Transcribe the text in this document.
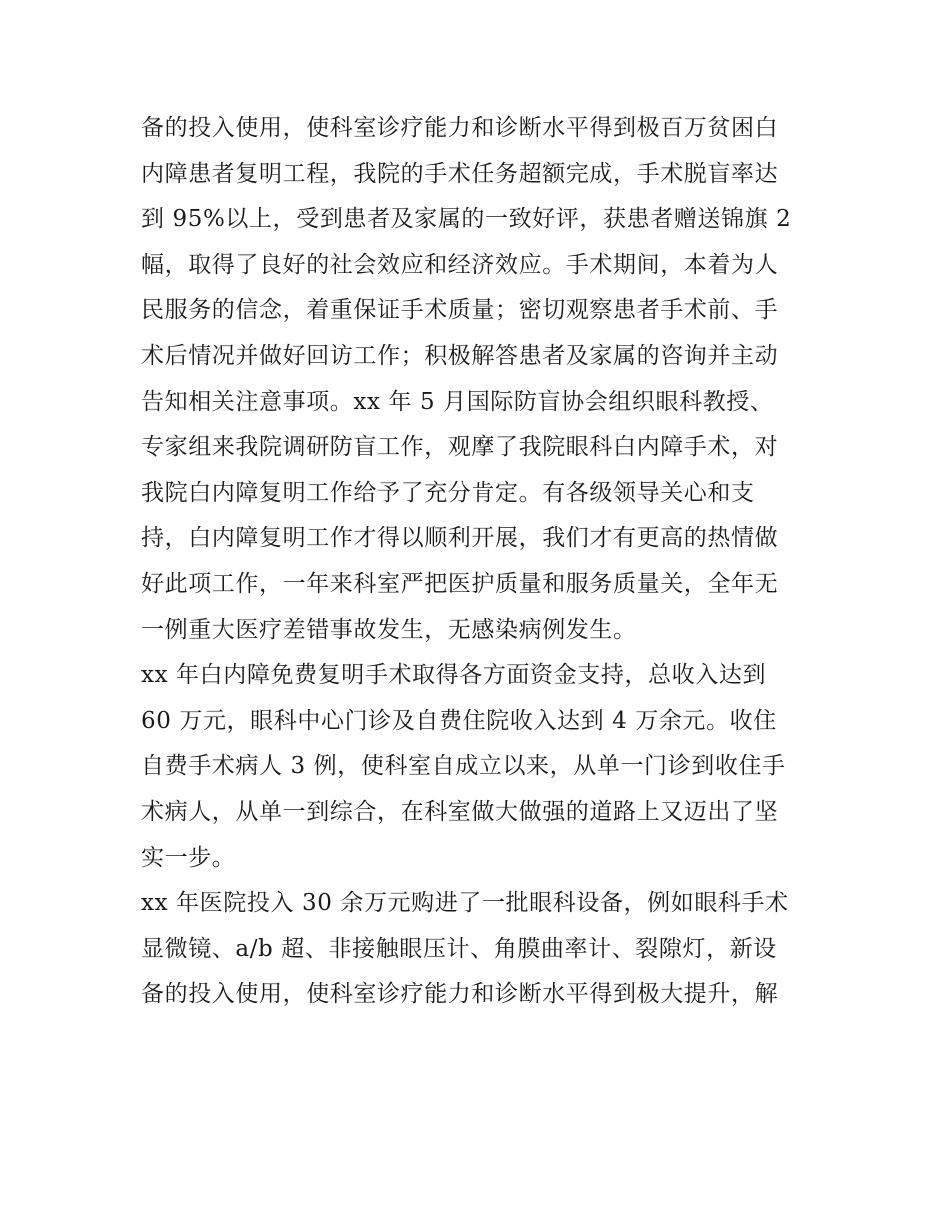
备的投入使用，使科室诊疗能力和诊断水平得到极百万贫困白
内障患者复明工程，我院的手术任务超额完成，手术脱盲率达
到 95%以上，受到患者及家属的一致好评，获患者赠送锦旗 2
幅，取得了良好的社会效应和经济效应。手术期间，本着为人
民服务的信念，着重保证手术质量；密切观察患者手术前、手
术后情况并做好回访工作；积极解答患者及家属的咨询并主动
告知相关注意事项。xx 年 5 月国际防盲协会组织眼科教授、
专家组来我院调研防盲工作，观摩了我院眼科白内障手术，对
我院白内障复明工作给予了充分肯定。有各级领导关心和支
持，白内障复明工作才得以顺利开展，我们才有更高的热情做
好此项工作，一年来科室严把医护质量和服务质量关，全年无
一例重大医疗差错事故发生，无感染病例发生。
xx 年白内障免费复明手术取得各方面资金支持，总收入达到
60 万元，眼科中心门诊及自费住院收入达到 4 万余元。收住
自费手术病人 3 例，使科室自成立以来，从单一门诊到收住手
术病人，从单一到综合，在科室做大做强的道路上又迈出了坚
实一步。
xx 年医院投入 30 余万元购进了一批眼科设备，例如眼科手术
显微镜、a/b 超、非接触眼压计、角膜曲率计、裂隙灯，新设
备的投入使用，使科室诊疗能力和诊断水平得到极大提升，解
